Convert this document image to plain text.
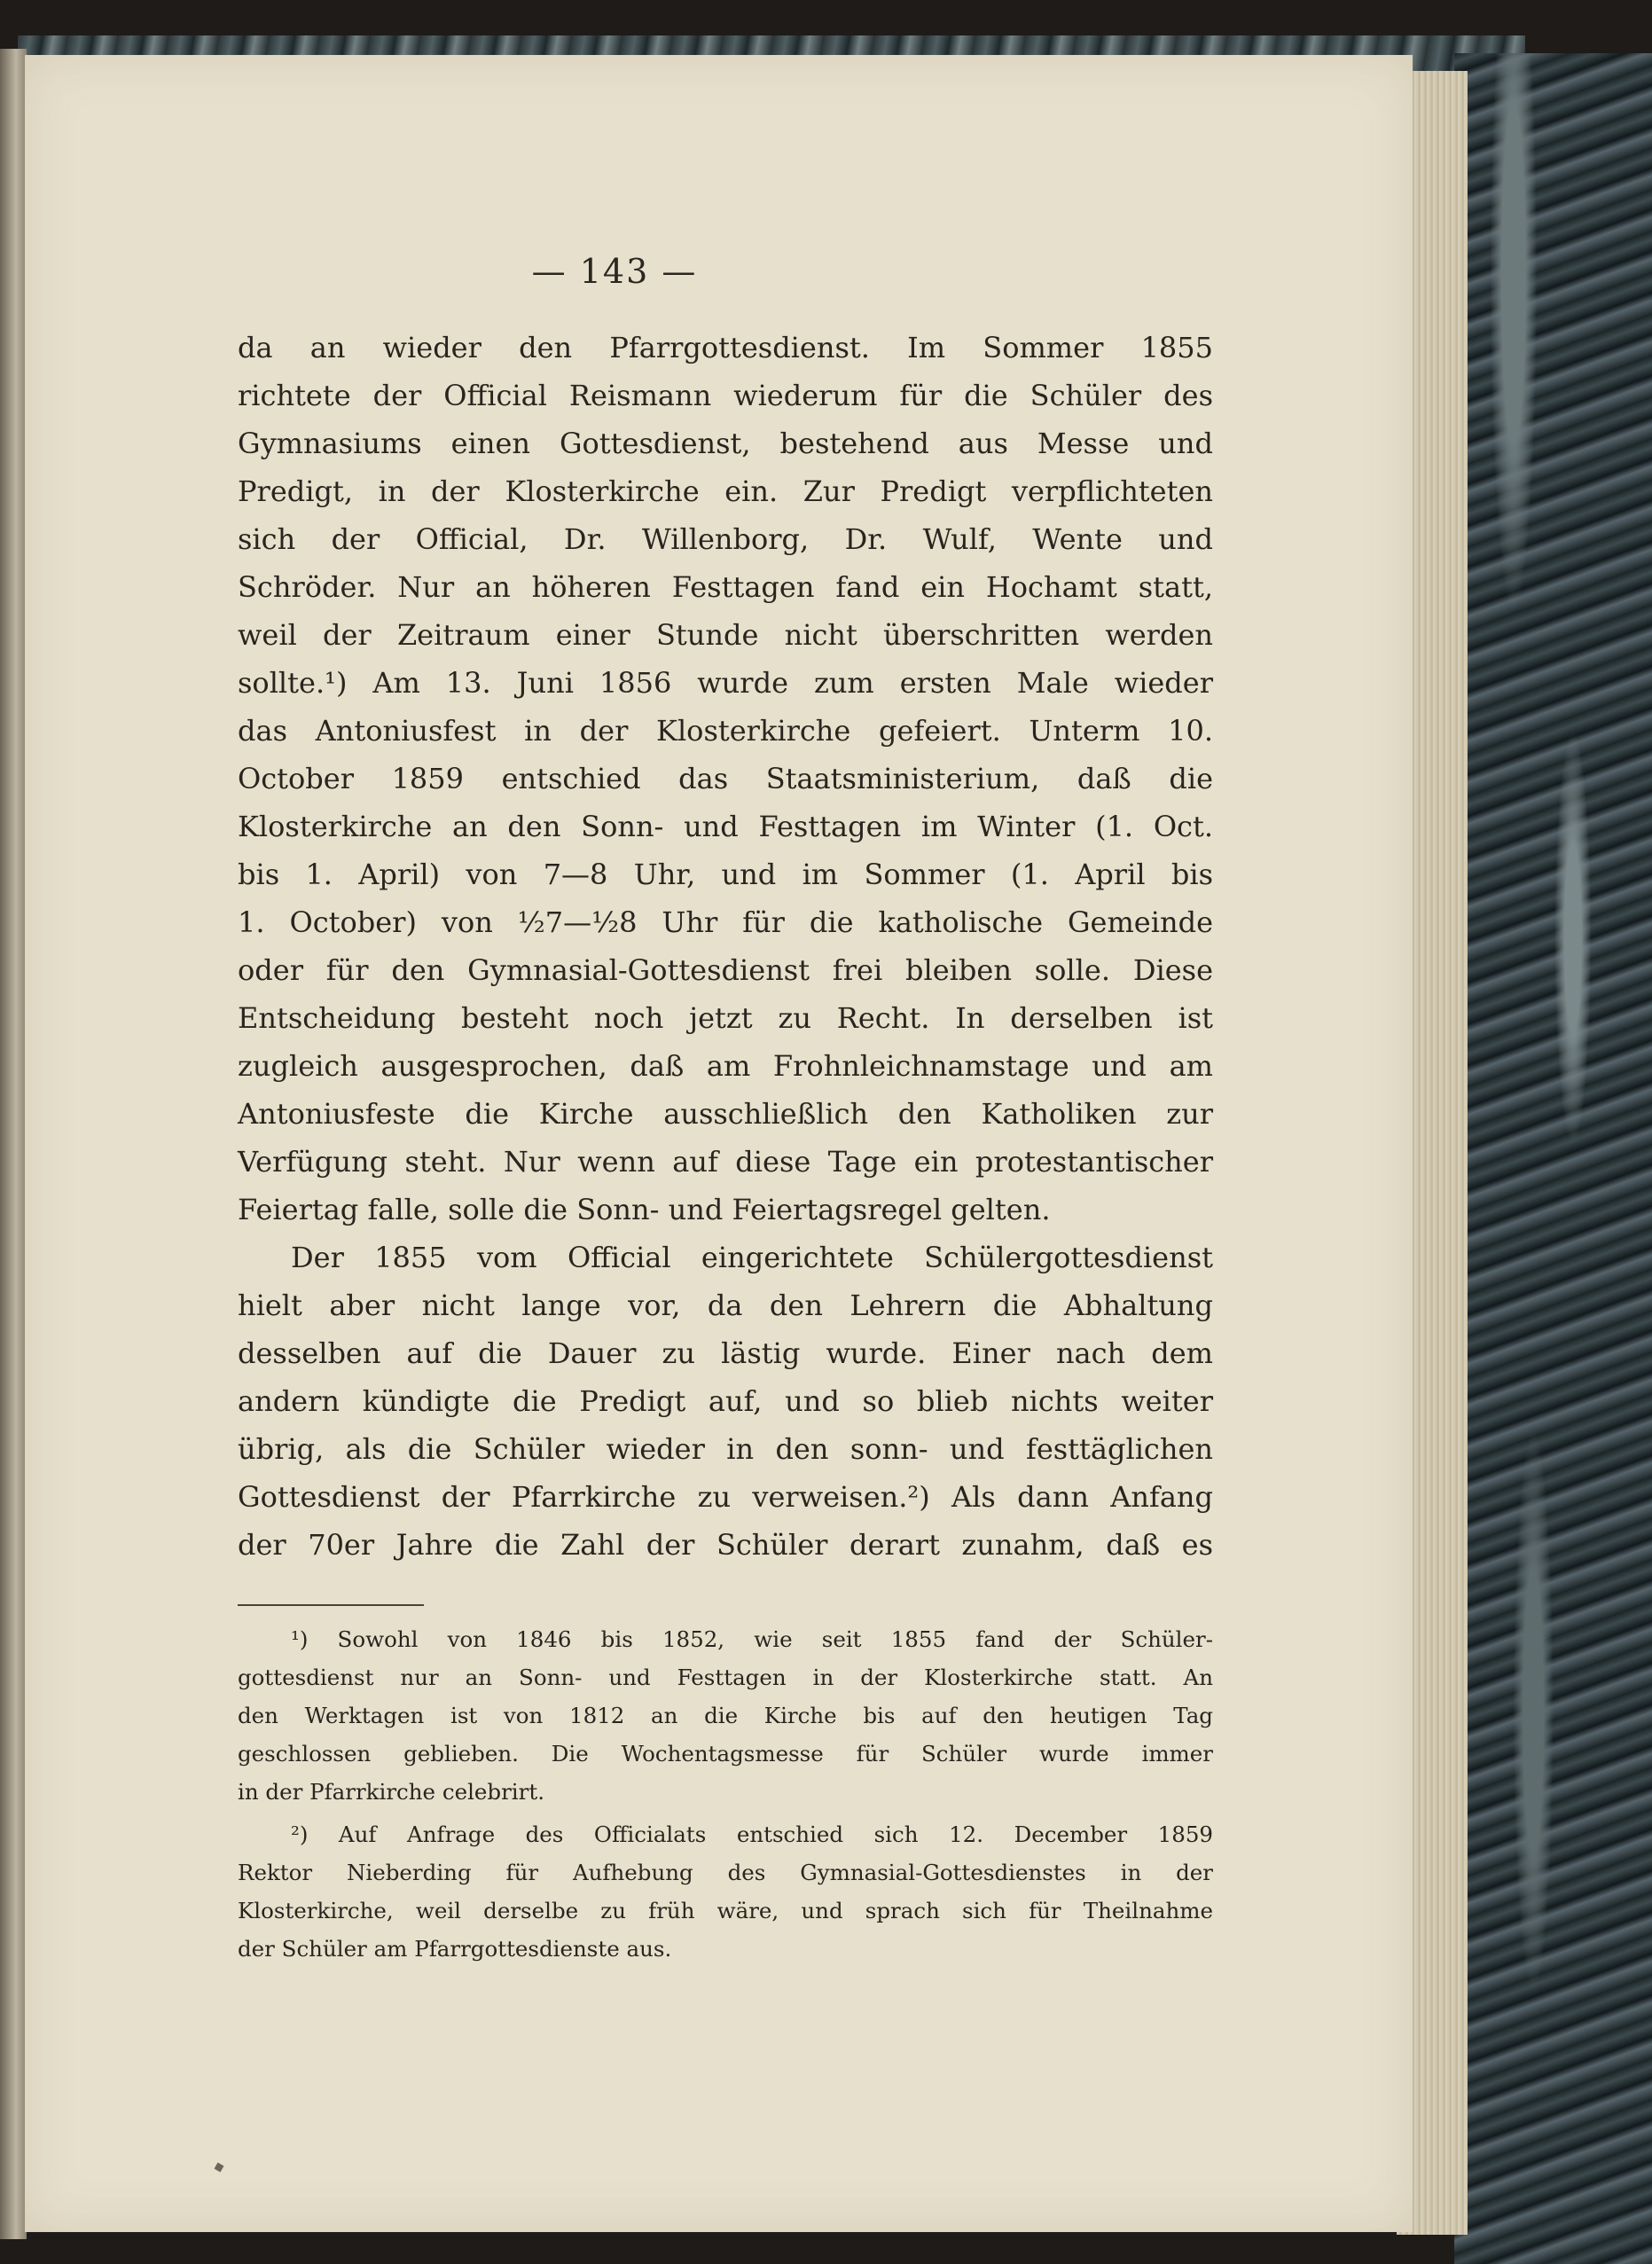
— 143 —
da an wieder den Pfarrgottesdienst. Im Sommer 1855
richtete der Official Reismann wiederum für die Schüler des
Gymnasiums einen Gottesdienst, bestehend aus Messe und
Predigt, in der Klosterkirche ein. Zur Predigt verpflichteten
sich der Official, Dr. Willenborg, Dr. Wulf, Wente und
Schröder. Nur an höheren Festtagen fand ein Hochamt statt,
weil der Zeitraum einer Stunde nicht überschritten werden
sollte.¹) Am 13. Juni 1856 wurde zum ersten Male wieder
das Antoniusfest in der Klosterkirche gefeiert. Unterm 10.
October 1859 entschied das Staatsministerium, daß die
Klosterkirche an den Sonn- und Festtagen im Winter (1. Oct.
bis 1. April) von 7—8 Uhr, und im Sommer (1. April bis
1. October) von ½7—½8 Uhr für die katholische Gemeinde
oder für den Gymnasial-Gottesdienst frei bleiben solle. Diese
Entscheidung besteht noch jetzt zu Recht. In derselben ist
zugleich ausgesprochen, daß am Frohnleichnamstage und am
Antoniusfeste die Kirche ausschließlich den Katholiken zur
Verfügung steht. Nur wenn auf diese Tage ein protestantischer
Feiertag falle, solle die Sonn- und Feiertagsregel gelten.
Der 1855 vom Official eingerichtete Schülergottesdienst
hielt aber nicht lange vor, da den Lehrern die Abhaltung
desselben auf die Dauer zu lästig wurde. Einer nach dem
andern kündigte die Predigt auf, und so blieb nichts weiter
übrig, als die Schüler wieder in den sonn- und festtäglichen
Gottesdienst der Pfarrkirche zu verweisen.²) Als dann Anfang
der 70er Jahre die Zahl der Schüler derart zunahm, daß es
¹) Sowohl von 1846 bis 1852, wie seit 1855 fand der Schüler-
gottesdienst nur an Sonn- und Festtagen in der Klosterkirche statt. An
den Werktagen ist von 1812 an die Kirche bis auf den heutigen Tag
geschlossen geblieben. Die Wochentagsmesse für Schüler wurde immer
in der Pfarrkirche celebrirt.
²) Auf Anfrage des Officialats entschied sich 12. December 1859
Rektor Nieberding für Aufhebung des Gymnasial-Gottesdienstes in der
Klosterkirche, weil derselbe zu früh wäre, und sprach sich für Theilnahme
der Schüler am Pfarrgottesdienste aus.
